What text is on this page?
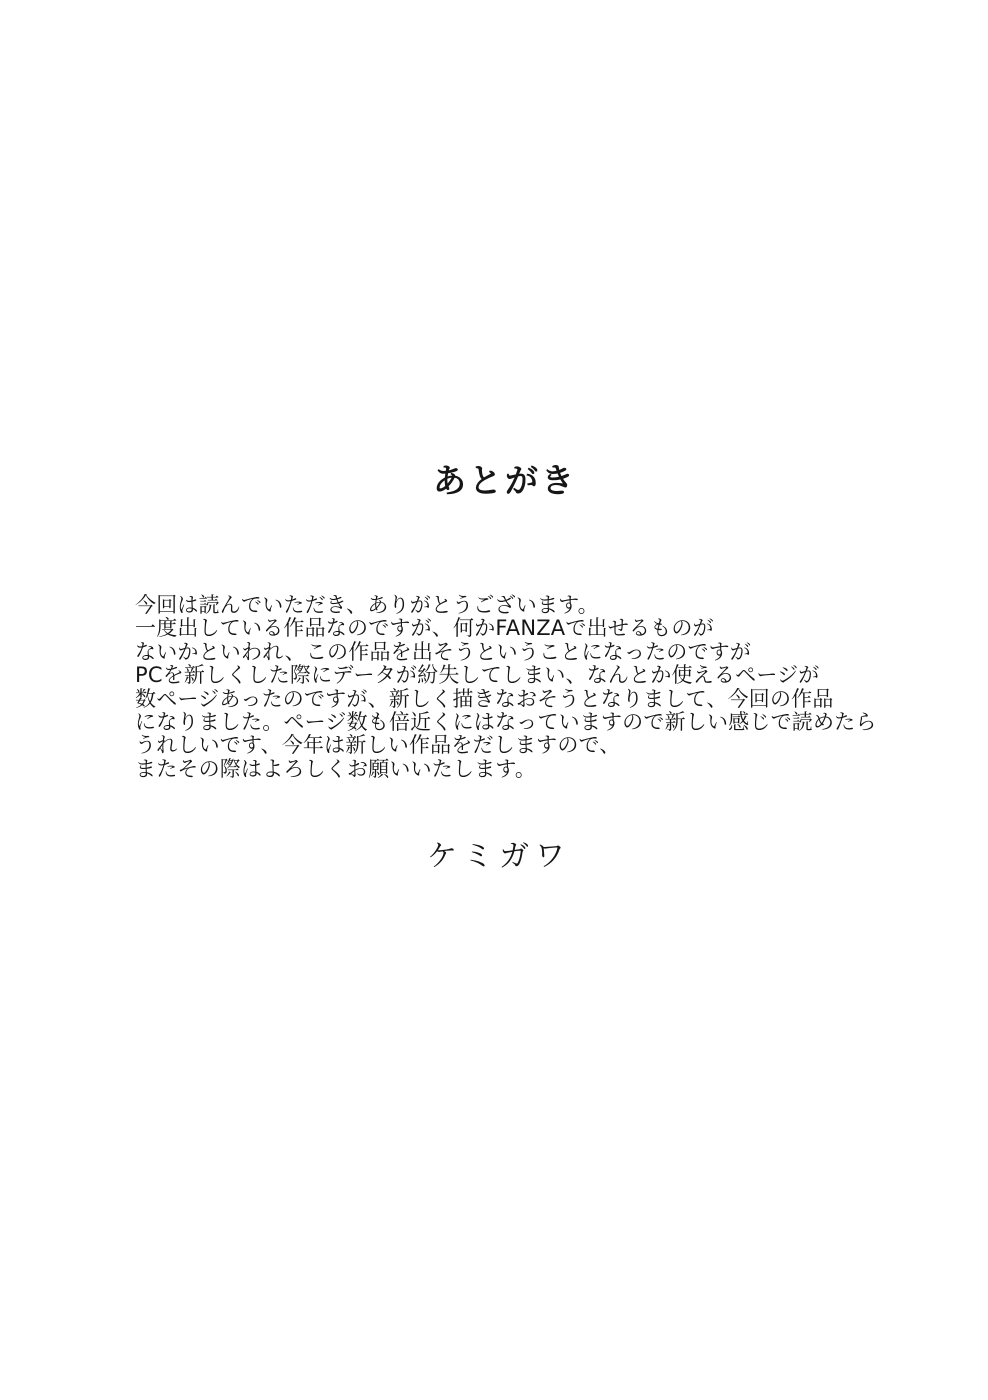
あとがき
今回は読んでいただき、ありがとうございます。
一度出している作品なのですが、何かFANZAで出せるものが
ないかといわれ、この作品を出そうということになったのですが
PCを新しくした際にデータが紛失してしまい、なんとか使えるページが
数ページあったのですが、新しく描きなおそうとなりまして、今回の作品
になりました。ページ数も倍近くにはなっていますので新しい感じで読めたら
うれしいです、今年は新しい作品をだしますので、
またその際はよろしくお願いいたします。
ケミガワ
